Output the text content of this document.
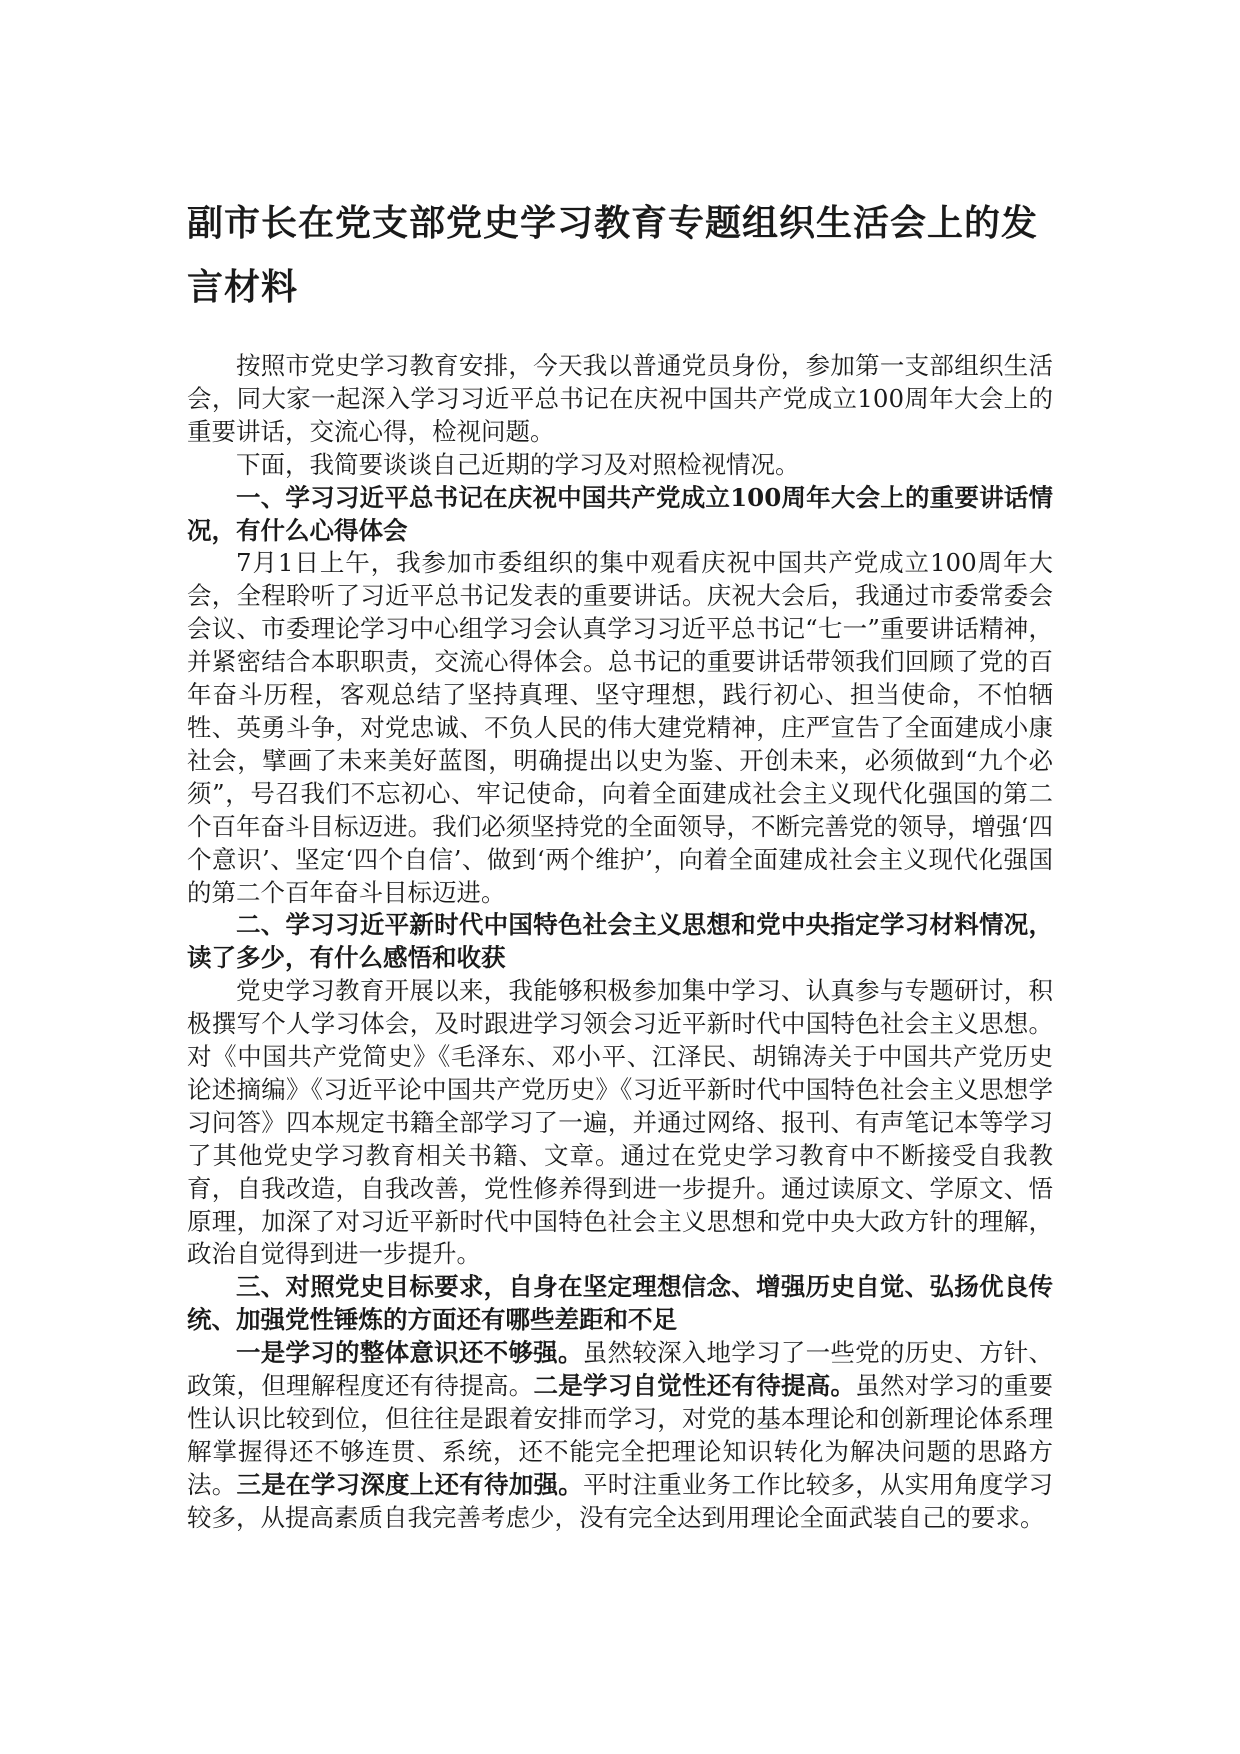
副市长在党支部党史学习教育专题组织生活会上的发言材料

按照市党史学习教育安排，今天我以普通党员身份，参加第一支部组织生活会，同大家一起深入学习习近平总书记在庆祝中国共产党成立100周年大会上的重要讲话，交流心得，检视问题。

下面，我简要谈谈自己近期的学习及对照检视情况。

一、学习习近平总书记在庆祝中国共产党成立100周年大会上的重要讲话情况，有什么心得体会

7月1日上午，我参加市委组织的集中观看庆祝中国共产党成立100周年大会，全程聆听了习近平总书记发表的重要讲话。庆祝大会后，我通过市委常委会会议、市委理论学习中心组学习会认真学习习近平总书记“七一”重要讲话精神，并紧密结合本职职责，交流心得体会。总书记的重要讲话带领我们回顾了党的百年奋斗历程，客观总结了坚持真理、坚守理想，践行初心、担当使命，不怕牺牲、英勇斗争，对党忠诚、不负人民的伟大建党精神，庄严宣告了全面建成小康社会，擘画了未来美好蓝图，明确提出以史为鉴、开创未来，必须做到“九个必须”，号召我们不忘初心、牢记使命，向着全面建成社会主义现代化强国的第二个百年奋斗目标迈进。我们必须坚持党的全面领导，不断完善党的领导，增强‘四个意识’、坚定‘四个自信’、做到‘两个维护’，向着全面建成社会主义现代化强国的第二个百年奋斗目标迈进。

二、学习习近平新时代中国特色社会主义思想和党中央指定学习材料情况，读了多少，有什么感悟和收获

党史学习教育开展以来，我能够积极参加集中学习、认真参与专题研讨，积极撰写个人学习体会，及时跟进学习领会习近平新时代中国特色社会主义思想。对《中国共产党简史》《毛泽东、邓小平、江泽民、胡锦涛关于中国共产党历史论述摘编》《习近平论中国共产党历史》《习近平新时代中国特色社会主义思想学习问答》四本规定书籍全部学习了一遍，并通过网络、报刊、有声笔记本等学习了其他党史学习教育相关书籍、文章。通过在党史学习教育中不断接受自我教育，自我改造，自我改善，党性修养得到进一步提升。通过读原文、学原文、悟原理，加深了对习近平新时代中国特色社会主义思想和党中央大政方针的理解，政治自觉得到进一步提升。

三、对照党史目标要求，自身在坚定理想信念、增强历史自觉、弘扬优良传统、加强党性锤炼的方面还有哪些差距和不足

一是学习的整体意识还不够强。虽然较深入地学习了一些党的历史、方针、政策，但理解程度还有待提高。二是学习自觉性还有待提高。虽然对学习的重要性认识比较到位，但往往是跟着安排而学习，对党的基本理论和创新理论体系理解掌握得还不够连贯、系统，还不能完全把理论知识转化为解决问题的思路方法。三是在学习深度上还有待加强。平时注重业务工作比较多，从实用角度学习较多，从提高素质自我完善考虑少，没有完全达到用理论全面武装自己的要求。
